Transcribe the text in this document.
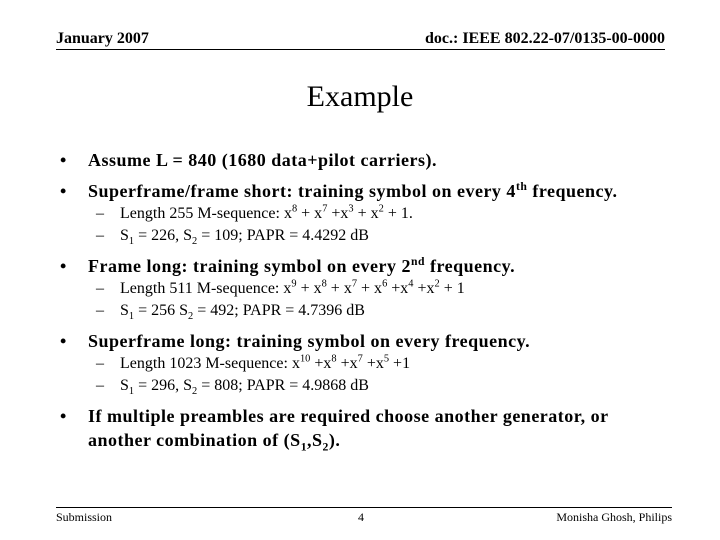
January 2007	doc.: IEEE 802.22-07/0135-00-0000
Example
• Assume L = 840 (1680 data+pilot carriers).
• Superframe/frame short: training symbol on every 4th frequency.
– Length 255 M-sequence: $x^8 + x^7 +x^3 + x^2 + 1$.
– $S_1 = 226$, $S_2 = 109$; PAPR = 4.4292 dB
• Frame long: training symbol on every 2nd frequency.
– Length 511 M-sequence: $x^9 + x^8 + x^7 + x^6 +x^4 +x^2 + 1$
– $S_1 = 256$ $S_2 = 492$; PAPR = 4.7396 dB
• Superframe long: training symbol on every frequency.
– Length 1023 M-sequence: $x^{10} +x^8 +x^7 +x^5 +1$
– $S_1 = 296$, $S_2 = 808$; PAPR = 4.9868 dB
• If multiple preambles are required choose another generator, or another combination of $(S_1,S_2)$.
Submission	4	Monisha Ghosh, Philips
